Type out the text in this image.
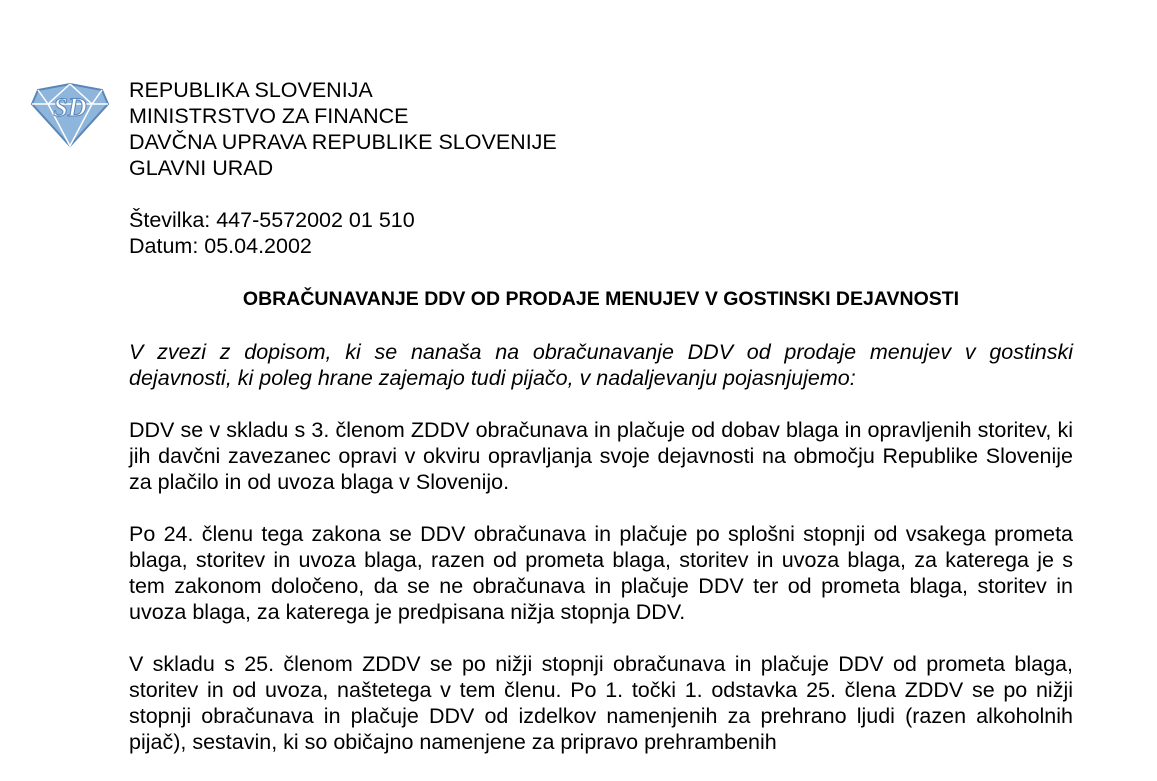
SD
REPUBLIKA SLOVENIJA
MINISTRSTVO ZA FINANCE
DAVČNA UPRAVA REPUBLIKE SLOVENIJE
GLAVNI URAD
Številka: 447-5572002 01 510
Datum: 05.04.2002
OBRAČUNAVANJE DDV OD PRODAJE MENUJEV V GOSTINSKI DEJAVNOSTI

V zvezi z dopisom, ki se nanaša na obračunavanje DDV od prodaje menujev v gostinski dejavnosti, ki poleg hrane zajemajo tudi pijačo, v nadaljevanju pojasnjujemo:

DDV se v skladu s 3. členom ZDDV obračunava in plačuje od dobav blaga in opravljenih storitev, ki jih davčni zavezanec opravi v okviru opravljanja svoje dejavnosti na območju Republike Slovenije za plačilo in od uvoza blaga v Slovenijo.

Po 24. členu tega zakona se DDV obračunava in plačuje po splošni stopnji od vsakega prometa blaga, storitev in uvoza blaga, razen od prometa blaga, storitev in uvoza blaga, za katerega je s tem zakonom določeno, da se ne obračunava in plačuje DDV ter od prometa blaga, storitev in uvoza blaga, za katerega je predpisana nižja stopnja DDV.

V skladu s 25. členom ZDDV se po nižji stopnji obračunava in plačuje DDV od prometa blaga, storitev in od uvoza, naštetega v tem členu. Po 1. točki 1. odstavka 25. člena ZDDV se po nižji stopnji obračunava in plačuje DDV od izdelkov namenjenih za prehrano ljudi (razen alkoholnih pijač), sestavin, ki so običajno namenjene za pripravo prehrambenih
